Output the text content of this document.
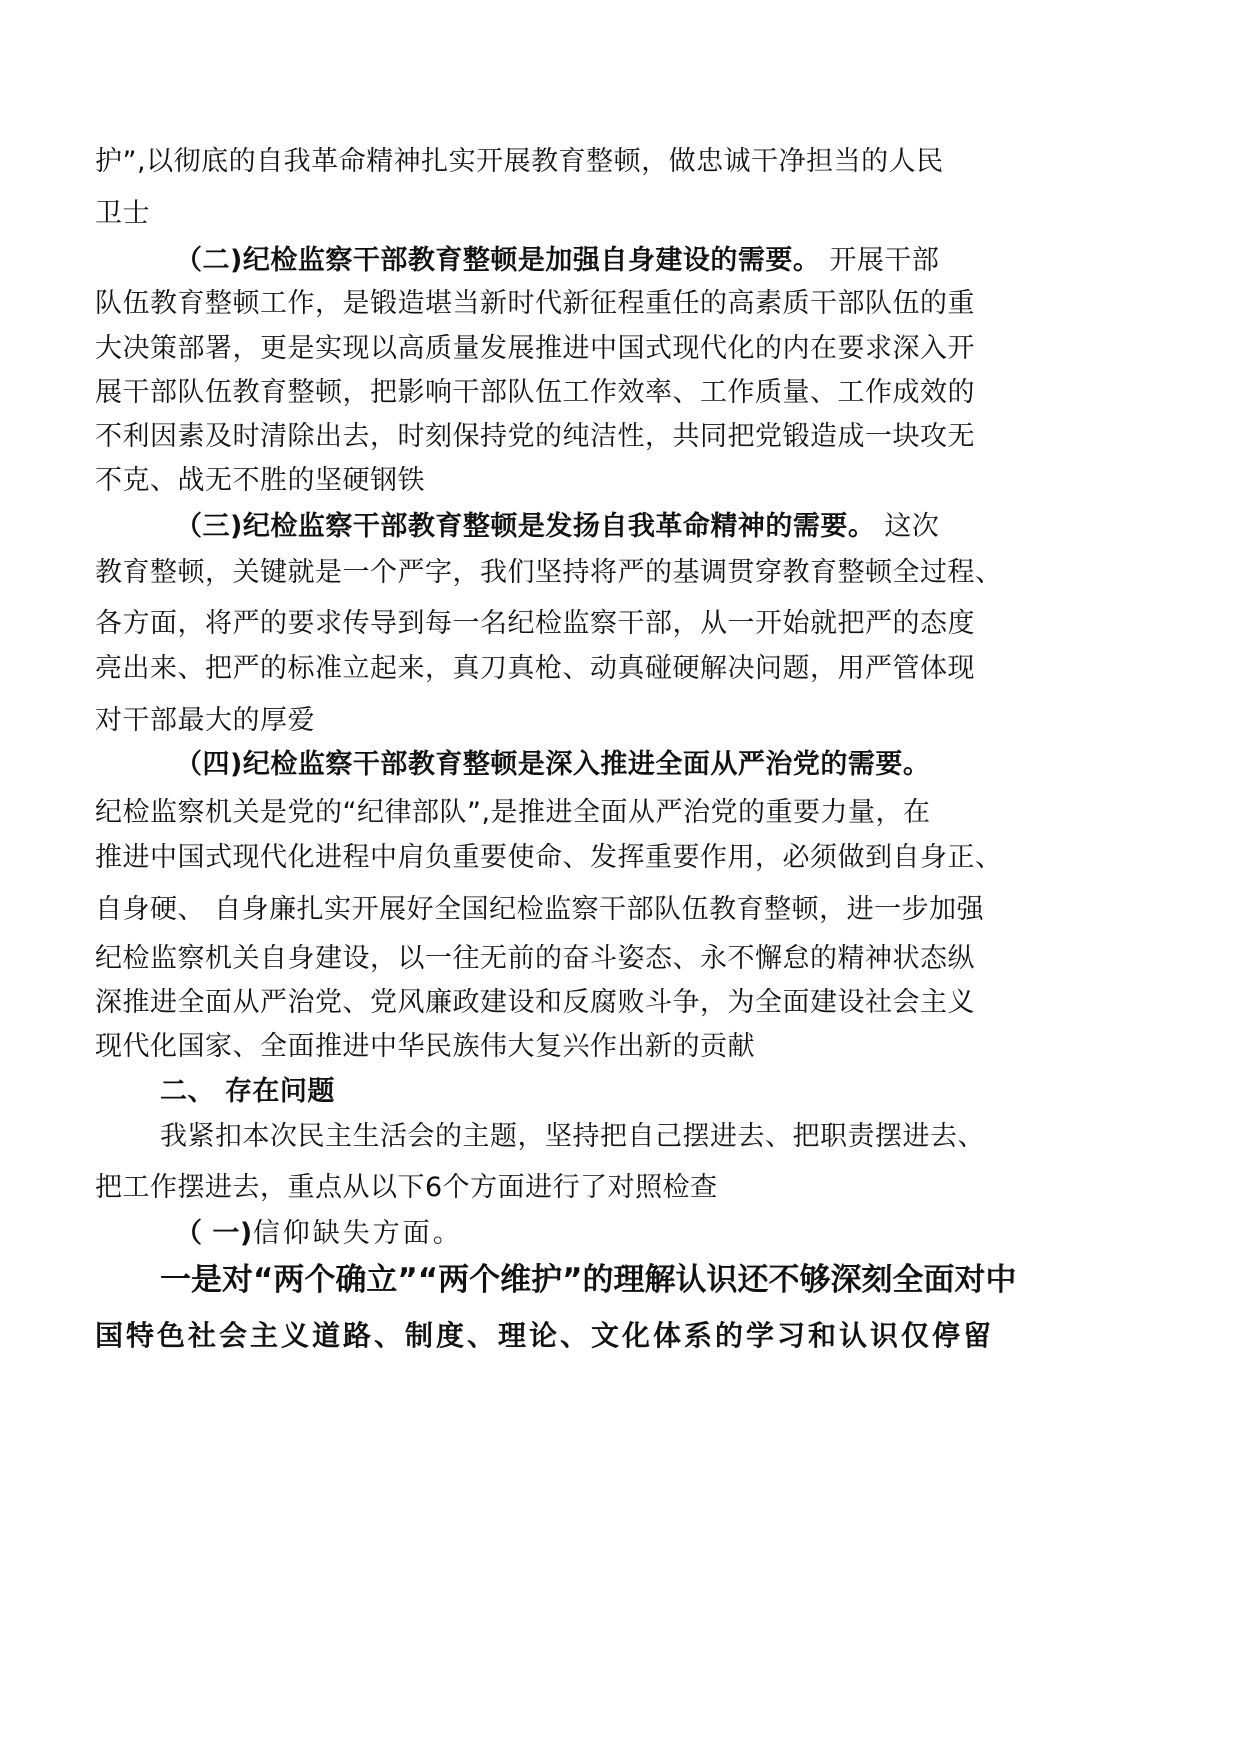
护”,以彻底的自我革命精神扎实开展教育整顿，做忠诚干净担当的人民
卫士
（二)纪检监察干部教育整顿是加强自身建设的需要。 开展干部
队伍教育整顿工作，是锻造堪当新时代新征程重任的高素质干部队伍的重
大决策部署，更是实现以高质量发展推进中国式现代化的内在要求深入开
展干部队伍教育整顿，把影响干部队伍工作效率、工作质量、工作成效的
不利因素及时清除出去，时刻保持党的纯洁性，共同把党锻造成一块攻无
不克、战无不胜的坚硬钢铁
（三)纪检监察干部教育整顿是发扬自我革命精神的需要。 这次
教育整顿，关键就是一个严字，我们坚持将严的基调贯穿教育整顿全过程、
各方面，将严的要求传导到每一名纪检监察干部，从一开始就把严的态度
亮出来、把严的标准立起来，真刀真枪、动真碰硬解决问题，用严管体现
对干部最大的厚爱
（四)纪检监察干部教育整顿是深入推进全面从严治党的需要。
纪检监察机关是党的“纪律部队”,是推进全面从严治党的重要力量，在
推进中国式现代化进程中肩负重要使命、发挥重要作用，必须做到自身正、
自身硬、 自身廉扎实开展好全国纪检监察干部队伍教育整顿，进一步加强
纪检监察机关自身建设，以一往无前的奋斗姿态、永不懈怠的精神状态纵
深推进全面从严治党、党风廉政建设和反腐败斗争，为全面建设社会主义
现代化国家、全面推进中华民族伟大复兴作出新的贡献
二、 存在问题
我紧扣本次民主生活会的主题，坚持把自己摆进去、把职责摆进去、
把工作摆进去，重点从以下6个方面进行了对照检查
（ 一)信仰缺失方面。
一是对“两个确立”“两个维护”的理解认识还不够深刻全面对中
国特色社会主义道路、制度、理论、文化体系的学习和认识仅停留
